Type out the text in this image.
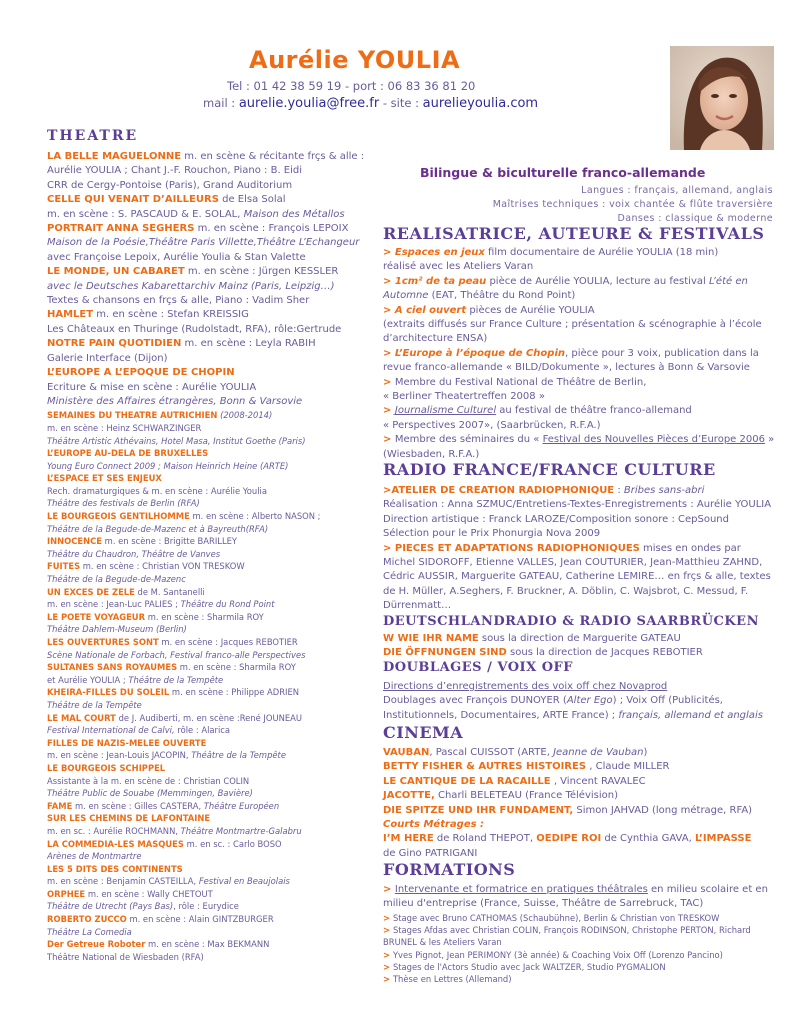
Aurélie YOULIA
Tel : 01 42 38 59 19 - port : 06 83 36 81 20
mail : aurelie.youlia@free.fr - site : aurelieyoulia.com
THEATRE
LA BELLE MAGUELONNE m. en scène & récitante frçs & alle :
Aurélie YOULIA ; Chant J.-F. Rouchon, Piano : B. Eidi
CRR de Cergy-Pontoise (Paris), Grand Auditorium
CELLE QUI VENAIT D’AILLEURS de Elsa Solal
m. en scène : S. PASCAUD & E. SOLAL, Maison des Métallos
PORTRAIT ANNA SEGHERS m. en scène : François LEPOIX
Maison de la Poésie,Théâtre Paris Villette,Théâtre L’Echangeur
avec Françoise Lepoix, Aurélie Youlia & Stan Valette
LE MONDE, UN CABARET m. en scène : Jürgen KESSLER
avec le Deutsches Kabarettarchiv Mainz (Paris, Leipzig…)
Textes & chansons en frçs & alle, Piano : Vadim Sher
HAMLET m. en scène : Stefan KREISSIG
Les Châteaux en Thuringe (Rudolstadt, RFA), rôle:Gertrude
NOTRE PAIN QUOTIDIEN m. en scène : Leyla RABIH
Galerie Interface (Dijon)
L’EUROPE A L’EPOQUE DE CHOPIN
Ecriture & mise en scène : Aurélie YOULIA
Ministère des Affaires étrangères, Bonn & Varsovie
SEMAINES DU THEATRE AUTRICHIEN (2008-2014)
m. en scène : Heinz SCHWARZINGER
Théâtre Artistic Athévains, Hotel Masa, Institut Goethe (Paris)
L’EUROPE AU-DELA DE BRUXELLES
Young Euro Connect 2009 ; Maison Heinrich Heine (ARTE)
L’ESPACE ET SES ENJEUX
Rech. dramaturgiques & m. en scène : Aurélie Youlia
Théâtre des festivals de Berlin (RFA)
LE BOURGEOIS GENTILHOMME m. en scène : Alberto NASON ;
Théâtre de la Begude-de-Mazenc et à Bayreuth(RFA)
INNOCENCE m. en scène : Brigitte BARILLEY
Théâtre du Chaudron, Théâtre de Vanves
FUITES m. en scène : Christian VON TRESKOW
Théâtre de la Begude-de-Mazenc
UN EXCES DE ZELE de M. Santanelli
m. en scène : Jean-Luc PALIES ; Théâtre du Rond Point
LE POETE VOYAGEUR m. en scène : Sharmila ROY
Théâtre Dahlem-Museum (Berlin)
LES OUVERTURES SONT m. en scène : Jacques REBOTIER
Scène Nationale de Forbach, Festival franco-alle Perspectives
SULTANES SANS ROYAUMES m. en scène : Sharmila ROY
et Aurélie YOULIA ; Théâtre de la Tempête
KHEIRA-FILLES DU SOLEIL m. en scène : Philippe ADRIEN
Théâtre de la Tempête
LE MAL COURT de J. Audiberti, m. en scène :René JOUNEAU
Festival International de Calvi, rôle : Alarica
FILLES DE NAZIS-MELEE OUVERTE
m. en scène : Jean-Louis JACOPIN, Théâtre de la Tempête
LE BOURGEOIS SCHIPPEL
Assistante à la m. en scène de : Christian COLIN
Théâtre Public de Souabe (Memmingen, Bavière)
FAME m. en scène : Gilles CASTERA, Théâtre Européen
SUR LES CHEMINS DE LAFONTAINE
m. en sc. : Aurélie ROCHMANN, Théâtre Montmartre-Galabru
LA COMMEDIA-LES MASQUES m. en sc. : Carlo BOSO
Arènes de Montmartre
LES 5 DITS DES CONTINENTS
m. en scène : Benjamin CASTEILLA, Festival en Beaujolais
ORPHEE m. en scène : Wally CHETOUT
Théâtre de Utrecht (Pays Bas), rôle : Eurydice
ROBERTO ZUCCO m. en scène : Alain GINTZBURGER
Théâtre La Comedia
Der Getreue Roboter m. en scène : Max BEKMANN
Théâtre National de Wiesbaden (RFA)
Bilingue & biculturelle franco-allemande
Langues : français, allemand, anglais
Maîtrises techniques : voix chantée & flûte traversière
Danses : classique & moderne
REALISATRICE, AUTEURE & FESTIVALS
> Espaces en jeux film documentaire de Aurélie YOULIA (18 min)
réalisé avec les Ateliers Varan
> 1cm² de ta peau pièce de Aurélie YOULIA, lecture au festival L’été en
Automne (EAT, Théâtre du Rond Point)
> A ciel ouvert pièces de Aurélie YOULIA
(extraits diffusés sur France Culture ; présentation & scénographie à l’école
d’architecture ENSA)
> L’Europe à l’époque de Chopin, pièce pour 3 voix, publication dans la
revue franco-allemande « BILD/Dokumente », lectures à Bonn & Varsovie
> Membre du Festival National de Théâtre de Berlin,
« Berliner Theatertreffen 2008 »
> Journalisme Culturel au festival de théâtre franco-allemand
« Perspectives 2007», (Saarbrücken, R.F.A.)
> Membre des séminaires du « Festival des Nouvelles Pièces d’Europe 2006 »
(Wiesbaden, R.F.A.)
RADIO FRANCE/FRANCE CULTURE
>ATELIER DE CREATION RADIOPHONIQUE : Bribes sans-abri
Réalisation : Anna SZMUC/Entretiens-Textes-Enregistrements : Aurélie YOULIA
Direction artistique : Franck LAROZE/Composition sonore : CepSound
Sélection pour le Prix Phonurgia Nova 2009
> PIECES ET ADAPTATIONS RADIOPHONIQUES mises en ondes par
Michel SIDOROFF, Etienne VALLES, Jean COUTURIER, Jean-Matthieu ZAHND,
Cédric AUSSIR, Marguerite GATEAU, Catherine LEMIRE… en frçs & alle, textes
de H. Müller, A.Seghers, F. Bruckner, A. Döblin, C. Wajsbrot, C. Messud, F.
Dürrenmatt…
DEUTSCHLANDRADIO & RADIO SAARBRÜCKEN
W WIE IHR NAME sous la direction de Marguerite GATEAU
DIE ÖFFNUNGEN SIND sous la direction de Jacques REBOTIER
DOUBLAGES / VOIX OFF
Directions d’enregistrements des voix off chez Novaprod
Doublages avec François DUNOYER (Alter Ego) ; Voix Off (Publicités,
Institutionnels, Documentaires, ARTE France) ; français, allemand et anglais
CINEMA
VAUBAN, Pascal CUISSOT (ARTE, Jeanne de Vauban)
BETTY FISHER & AUTRES HISTOIRES , Claude MILLER
LE CANTIQUE DE LA RACAILLE , Vincent RAVALEC
JACOTTE, Charli BELETEAU (France Télévision)
DIE SPITZE UND IHR FUNDAMENT, Simon JAHVAD (long métrage, RFA)
Courts Métrages :
I’M HERE de Roland THEPOT, OEDIPE ROI de Cynthia GAVA, L’IMPASSE
de Gino PATRIGANI
FORMATIONS
> Intervenante et formatrice en pratiques théâtrales en milieu scolaire et en
milieu d'entreprise (France, Suisse, Théâtre de Sarrebruck, TAC)
> Stage avec Bruno CATHOMAS (Schaubühne), Berlin & Christian von TRESKOW
> Stages Afdas avec Christian COLIN, François RODINSON, Christophe PERTON, Richard
BRUNEL & les Ateliers Varan
> Yves Pignot, Jean PERIMONY (3è année) & Coaching Voix Off (Lorenzo Pancino)
> Stages de l'Actors Studio avec Jack WALTZER, Studio PYGMALION
> Thèse en Lettres (Allemand)
